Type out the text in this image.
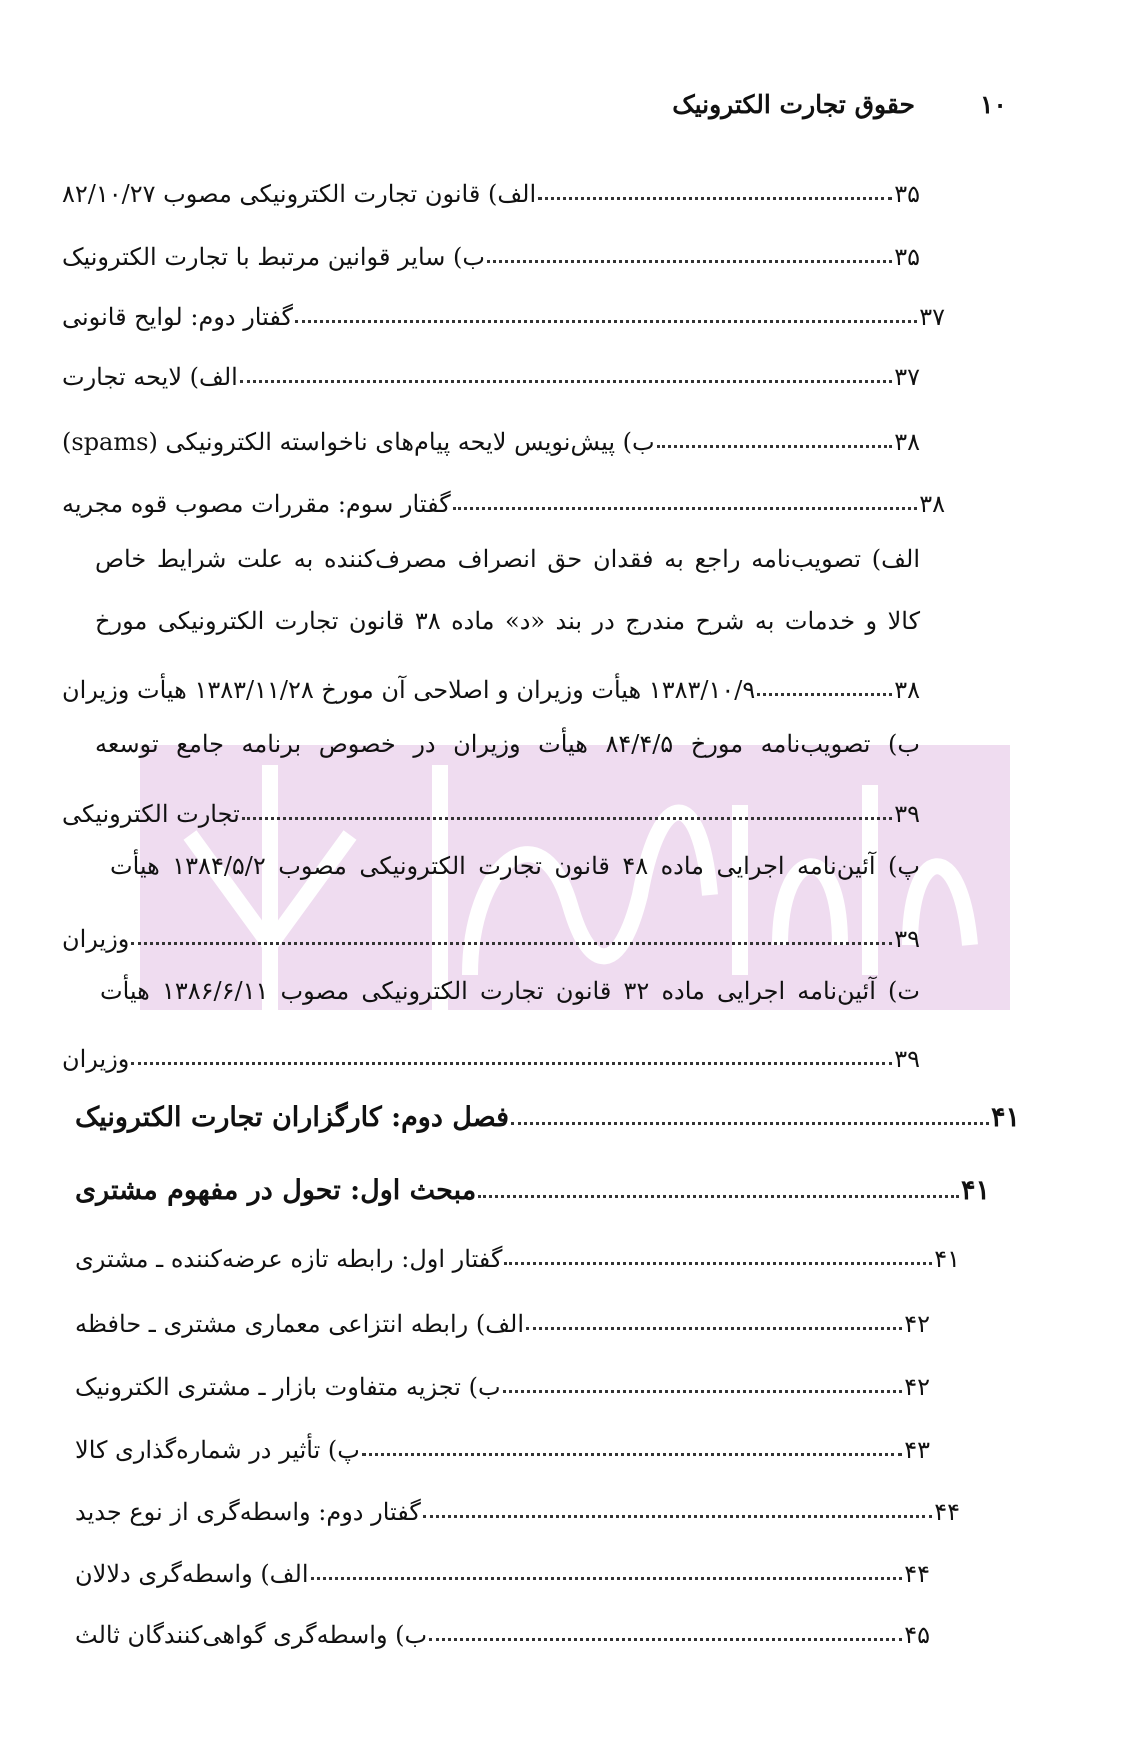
۱۰
حقوق تجارت الکترونیک
الف) قانون تجارت الکترونیکی مصوب ۸۲/۱۰/۲۷	۳۵
ب) سایر قوانین مرتبط با تجارت الکترونیک	۳۵
گفتار دوم: لوایح قانونی	۳۷
الف) لایحه تجارت	۳۷
ب) پیش‌نویس لایحه پیام‌های ناخواسته الکترونیکی (spams)	۳۸
گفتار سوم: مقررات مصوب قوه مجریه	۳۸
الف) تصویب‌نامه راجع به فقدان حق انصراف مصرف‌کننده به علت شرایط خاص
کالا و خدمات به شرح مندرج در بند «د» ماده ۳۸ قانون تجارت الکترونیکی مورخ
۱۳۸۳/۱۰/۹ هیأت وزیران و اصلاحی آن مورخ ۱۳۸۳/۱۱/۲۸ هیأت وزیران	۳۸
ب) تصویب‌نامه مورخ ۸۴/۴/۵ هیأت وزیران در خصوص برنامه جامع توسعه
تجارت الکترونیکی	۳۹
پ) آئین‌نامه اجرایی ماده ۴۸ قانون تجارت الکترونیکی مصوب ۱۳۸۴/۵/۲ هیأت
وزیران	۳۹
ت) آئین‌نامه اجرایی ماده ۳۲ قانون تجارت الکترونیکی مصوب ۱۳۸۶/۶/۱۱ هیأت
وزیران	۳۹
فصل دوم: کارگزاران تجارت الکترونیک	۴۱
مبحث اول: تحول در مفهوم مشتری	۴۱
گفتار اول: رابطه تازه عرضه‌کننده ـ مشتری	۴۱
الف) رابطه انتزاعی معماری مشتری ـ حافظه	۴۲
ب) تجزیه متفاوت بازار ـ مشتری الکترونیک	۴۲
پ) تأثیر در شماره‌گذاری کالا	۴۳
گفتار دوم: واسطه‌گری از نوع جدید	۴۴
الف) واسطه‌گری دلالان	۴۴
ب) واسطه‌گری گواهی‌کنندگان ثالث	۴۵
